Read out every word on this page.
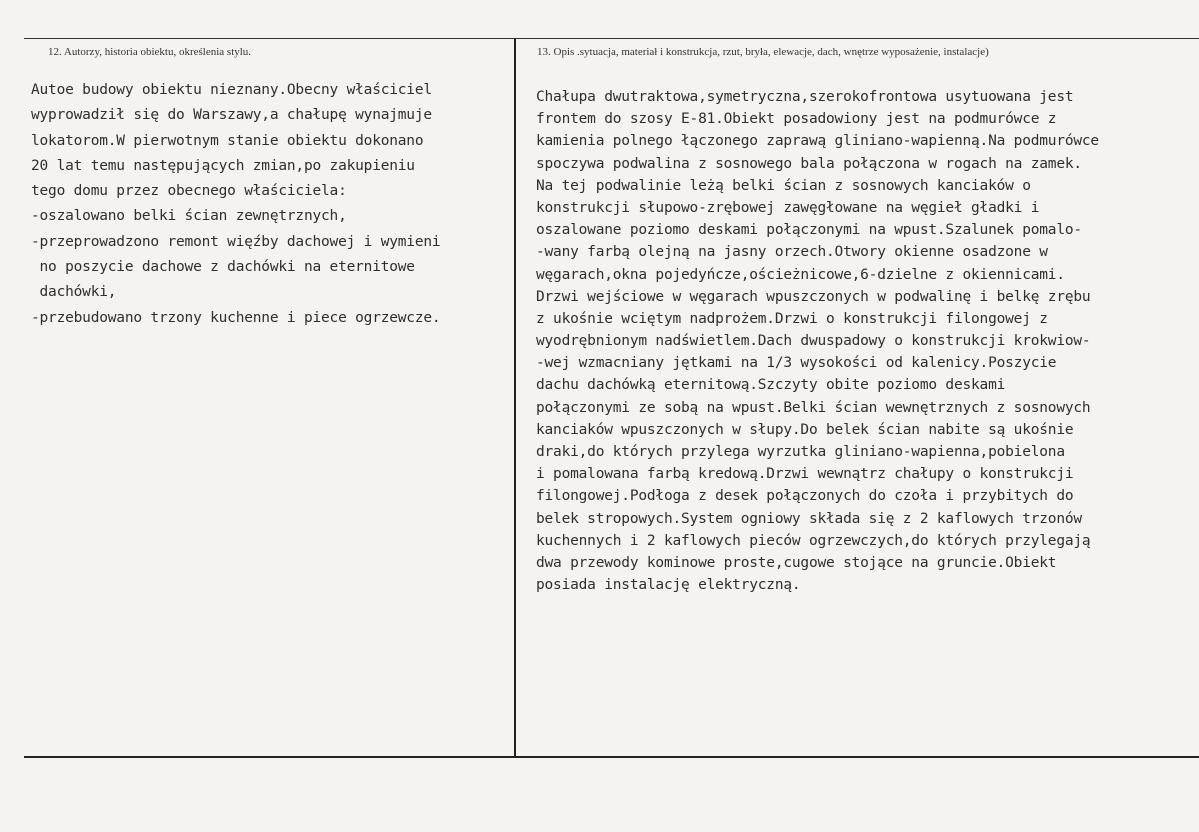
12. Autorzy, historia obiektu, określenia stylu.	13. Opis .sytuacja, materiał i konstrukcja, rzut, bryła, elewacje, dach, wnętrze wyposażenie, instalacje)
Autoe budowy obiektu nieznany.Obecny właściciel
wyprowadził się do Warszawy,a chałupę wynajmuje
lokatorom.W pierwotnym stanie obiektu dokonano
20 lat temu następujących zmian,po zakupieniu
tego domu przez obecnego właściciela:
-oszalowano belki ścian zewnętrznych,
-przeprowadzono remont więźby dachowej i wymieni
no poszycie dachowe z dachówki na eternitowe
dachówki,
-przebudowano trzony kuchenne i piece ogrzewcze.
Chałupa dwutraktowa,symetryczna,szerokofrontowa usytuowana jest
frontem do szosy E-81.Obiekt posadowiony jest na podmurówce z
kamienia polnego łączonego zaprawą gliniano-wapienną.Na podmurówce
spoczywa podwalina z sosnowego bala połączona w rogach na zamek.
Na tej podwalinie leżą belki ścian z sosnowych kanciaków o
konstrukcji słupowo-zrębowej zawęgłowane na węgieł gładki i
oszalowane poziomo deskami połączonymi na wpust.Szalunek pomalo-
-wany farbą olejną na jasny orzech.Otwory okienne osadzone w
węgarach,okna pojedyńcze,ościeżnicowe,6-dzielne z okiennicami.
Drzwi wejściowe w węgarach wpuszczonych w podwalinę i belkę zrębu
z ukośnie wciętym nadprożem.Drzwi o konstrukcji filongowej z
wyodrębnionym nadświetlem.Dach dwuspadowy o konstrukcji krokwiow-
-wej wzmacniany jętkami na 1/3 wysokości od kalenicy.Poszycie
dachu dachówką eternitową.Szczyty obite poziomo deskami
połączonymi ze sobą na wpust.Belki ścian wewnętrznych z sosnowych
kanciaków wpuszczonych w słupy.Do belek ścian nabite są ukośnie
draki,do których przylega wyrzutka gliniano-wapienna,pobielona
i pomalowana farbą kredową.Drzwi wewnątrz chałupy o konstrukcji
filongowej.Podłoga z desek połączonych do czoła i przybitych do
belek stropowych.System ogniowy składa się z 2 kaflowych trzonów
kuchennych i 2 kaflowych pieców ogrzewczych,do których przylegają
dwa przewody kominowe proste,cugowe stojące na gruncie.Obiekt
posiada instalację elektryczną.
